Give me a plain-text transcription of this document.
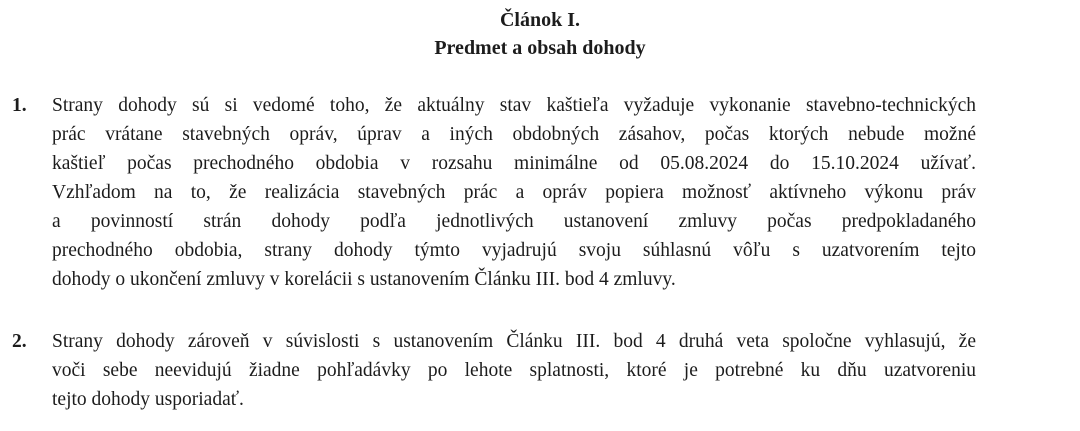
Článok I.
Predmet a obsah dohody
1. Strany dohody sú si vedomé toho, že aktuálny stav kaštieľa vyžaduje vykonanie stavebno-technických
prác vrátane stavebných opráv, úprav a iných obdobných zásahov, počas ktorých nebude možné
kaštieľ počas prechodného obdobia v rozsahu minimálne od 05.08.2024 do 15.10.2024 užívať.
Vzhľadom na to, že realizácia stavebných prác a opráv popiera možnosť aktívneho výkonu práv
a povinností strán dohody podľa jednotlivých ustanovení zmluvy počas predpokladaného
prechodného obdobia, strany dohody týmto vyjadrujú svoju súhlasnú vôľu s uzatvorením tejto
dohody o ukončení zmluvy v korelácii s ustanovením Článku III. bod 4 zmluvy.
2. Strany dohody zároveň v súvislosti s ustanovením Článku III. bod 4 druhá veta spoločne vyhlasujú, že
voči sebe neevidujú žiadne pohľadávky po lehote splatnosti, ktoré je potrebné ku dňu uzatvoreniu
tejto dohody usporiadať.
